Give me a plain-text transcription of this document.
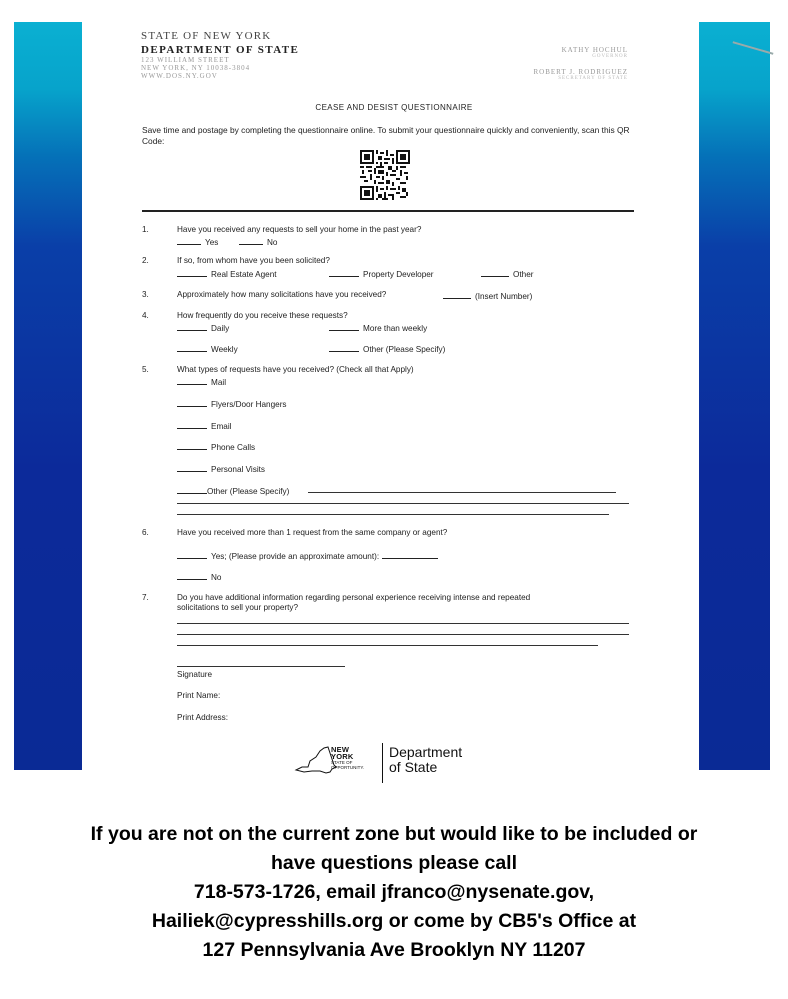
STATE OF NEW YORK
DEPARTMENT OF STATE
123 WILLIAM STREET
NEW YORK, NY 10038-3804
WWW.DOS.NY.GOV
KATHY HOCHUL
GOVERNOR
ROBERT J. RODRIGUEZ
SECRETARY OF STATE
CEASE AND DESIST QUESTIONNAIRE
Save time and postage by completing the questionnaire online. To submit your questionnaire quickly and conveniently, scan this QR Code:
1.	Have you received any requests to sell your home in the past year?
Yes	No
2.	If so, from whom have you been solicited?
Real Estate Agent	Property Developer	Other
3.	Approximately how many solicitations have you received?	(Insert Number)
4.	How frequently do you receive these requests?
Daily	More than weekly
Weekly	Other (Please Specify)
5.	What types of requests have you received? (Check all that Apply)
Mail
Flyers/Door Hangers
Email
Phone Calls
Personal Visits
Other (Please Specify)
6.	Have you received more than 1 request from the same company or agent?
Yes; (Please provide an approximate amount):
No
7.	Do you have additional information regarding personal experience receiving intense and repeated
solicitations to sell your property?
Signature
Print Name:
Print Address:
NEW YORK
STATE OF
OPPORTUNITY.
Department
of State
If you are not on the current zone but would like to be included or
have questions please call
718-573-1726, email jfranco@nysenate.gov,
Hailiek@cypresshills.org or come by CB5's Office at
127 Pennsylvania Ave Brooklyn NY 11207
